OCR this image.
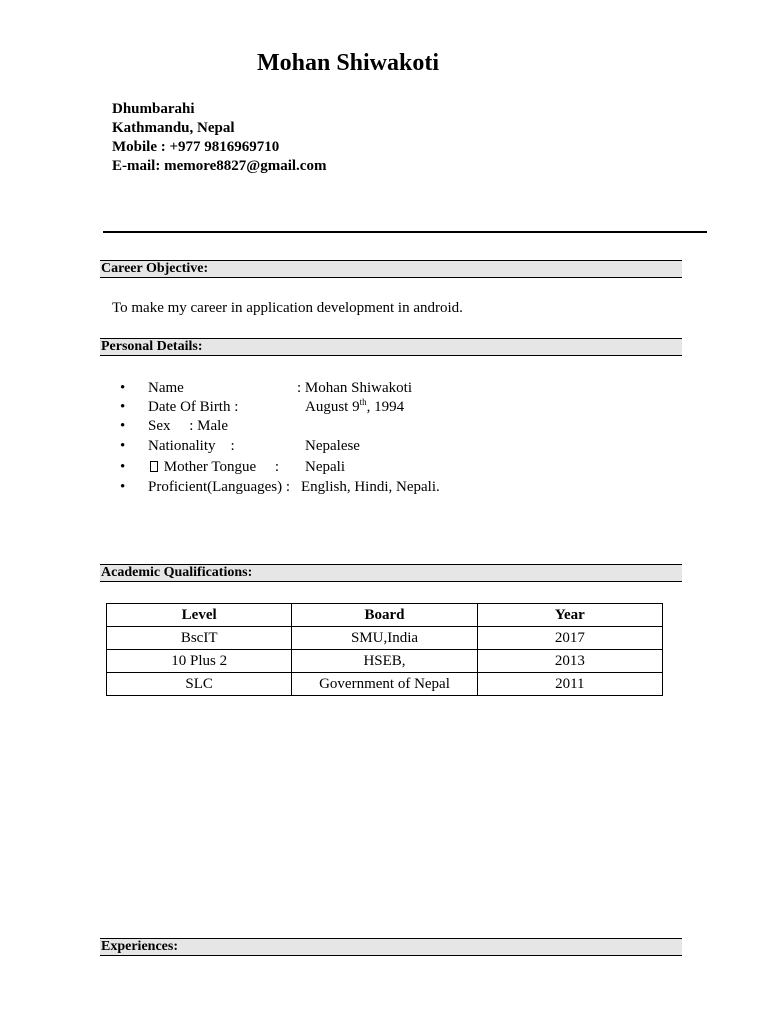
Mohan Shiwakoti
Dhumbarahi
Kathmandu, Nepal
Mobile : +977 9816969710
E-mail: memore8827@gmail.com
Career Objective:
To make my career in application development in android.
Personal Details:
• Name	: Mohan Shiwakoti
• Date Of Birth :	August 9th, 1994
• Sex     : Male
• Nationality    :	Nepalese
•	Mother Tongue     : Nepali
• Proficient(Languages) : English, Hindi, Nepali.
Academic Qualifications:
Level	Board	Year
BscIT	SMU,India	2017
10 Plus 2	HSEB,	2013
SLC	Government of Nepal	2011
Experiences:
